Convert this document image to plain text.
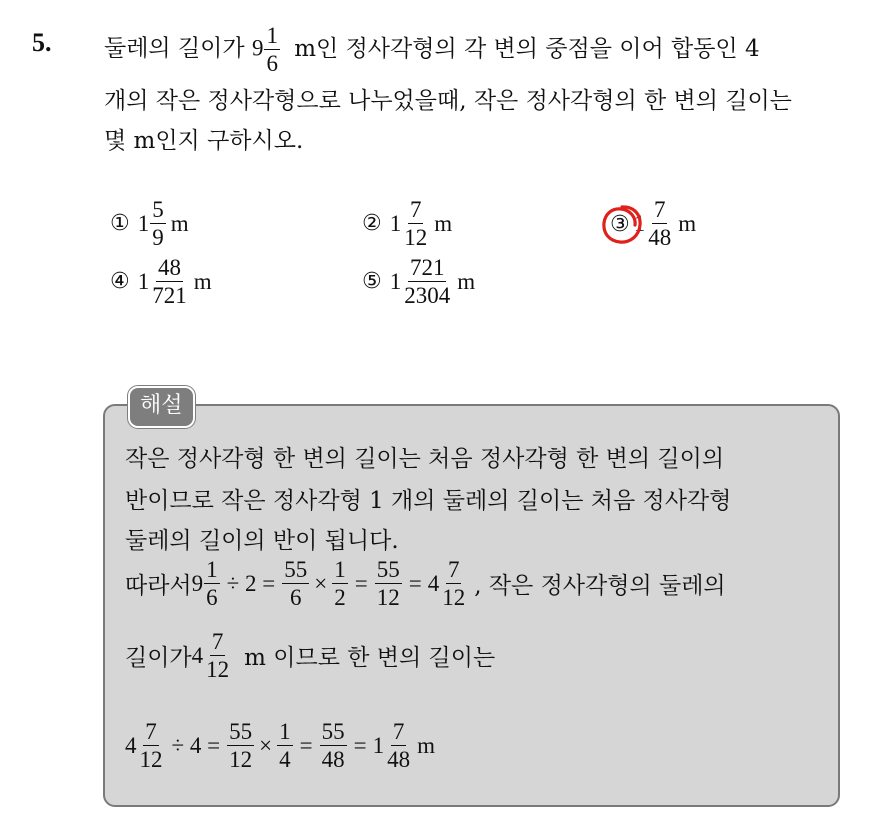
5. 둘레의 길이가 $9 \frac{1}{6}$ m인 정사각형의 각 변의 중점을 이어 합동인 4
개의 작은 정사각형으로 나누었을때, 작은 정사각형의 한 변의 길이는
몇 m인지 구하시오.
① $1 \frac{5}{9}$ m	② $1 \frac{7}{12}$ m	③ $1 \frac{7}{48}$ m
④ $1 \frac{48}{721}$ m	⑤ $1 \frac{721}{2304}$ m
해설
작은 정사각형 한 변의 길이는 처음 정사각형 한 변의 길이의
반이므로 작은 정사각형 1 개의 둘레의 길이는 처음 정사각형
둘레의 길이의 반이 됩니다.
따라서 $9 \frac{1}{6} \div 2 = \frac{55}{6} \times \frac{1}{2} = \frac{55}{12} = 4 \frac{7}{12}$ , 작은 정사각형의 둘레의
길이가 $4 \frac{7}{12}$ m 이므로 한 변의 길이는
$4 \frac{7}{12} \div 4 = \frac{55}{12} \times \frac{1}{4} = \frac{55}{48} = 1 \frac{7}{48}$ m
